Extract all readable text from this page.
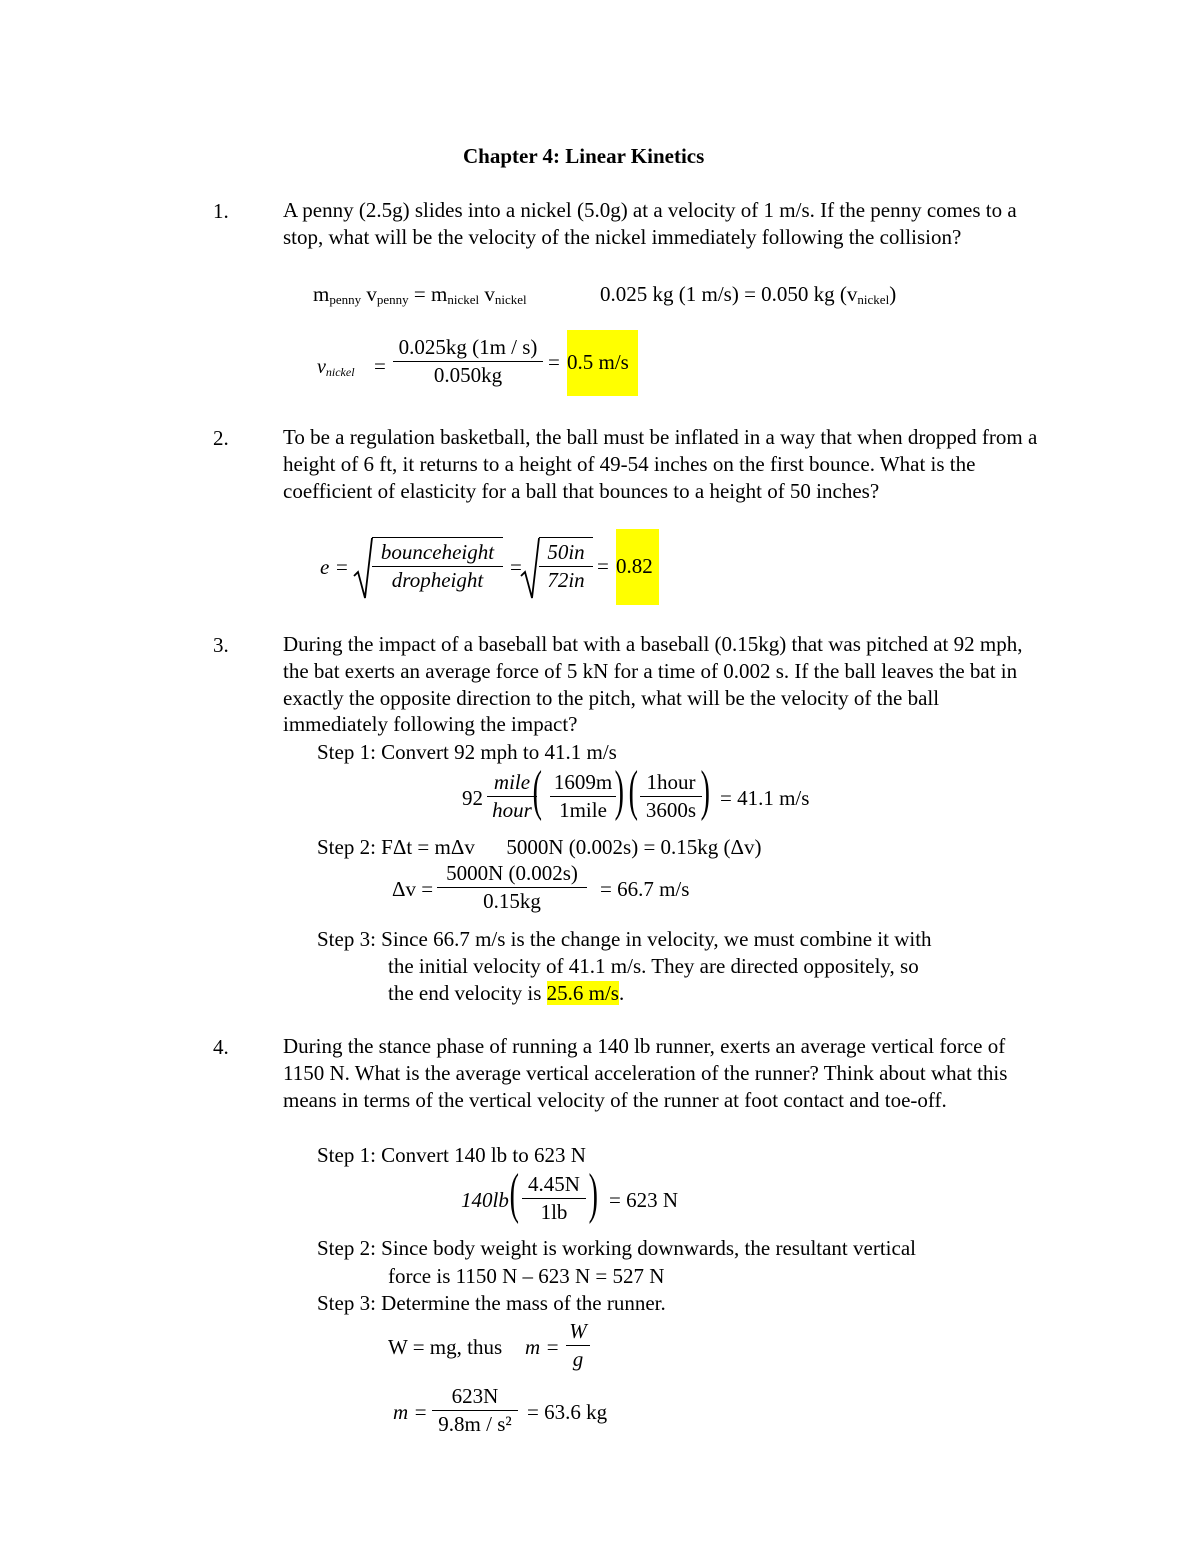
Chapter 4: Linear Kinetics
1.	A penny (2.5g) slides into a nickel (5.0g) at a velocity of 1 m/s. If the penny comes to a stop, what will be the velocity of the nickel immediately following the collision?
$m_{penny}$ $v_{penny} = m_{nickel}$ $v_{nickel}$	0.025 kg (1 m/s) = 0.050 kg $(v_{nickel})$
$v_{nickel}$ =
0.025kg (1m / s)
0.050kg
= 0.5 m/s
2.	To be a regulation basketball, the ball must be inflated in a way that when dropped from a height of 6 ft, it returns to a height of 49-54 inches on the first bounce. What is the coefficient of elasticity for a ball that bounces to a height of 50 inches?
e =
bounceheight
dropheight
=
50in
72in
= 0.82
3.	During the impact of a baseball bat with a baseball (0.15kg) that was pitched at 92 mph, the bat exerts an average force of 5 kN for a time of 0.002 s. If the ball leaves the bat in exactly the opposite direction to the pitch, what will be the velocity of the ball immediately following the impact?
Step 1: Convert 92 mph to 41.1 m/s
92
mile
hour ( 1609m
1mile ) ( 1hour
3600s ) = 41.1 m/s
Step 2: FΔt = mΔv      5000N (0.002s) = 0.15kg (Δv)
Δv =
5000N (0.002s)
0.15kg	= 66.7 m/s
Step 3: Since 66.7 m/s is the change in velocity, we must combine it with
the initial velocity of 41.1 m/s. They are directed oppositely, so
the end velocity is 25.6 m/s.
4.	During the stance phase of running a 140 lb runner, exerts an average vertical force of 1150 N. What is the average vertical acceleration of the runner? Think about what this means in terms of the vertical velocity of the runner at foot contact and toe-off.
Step 1: Convert 140 lb to 623 N
140lb ( 4.45N
1lb ) = 623 N
Step 2: Since body weight is working downwards, the resultant vertical
force is 1150 N – 623 N = 527 N
Step 3: Determine the mass of the runner.
W = mg, thus m =
W
g
m =
623N
9.8m / s² = 63.6 kg
